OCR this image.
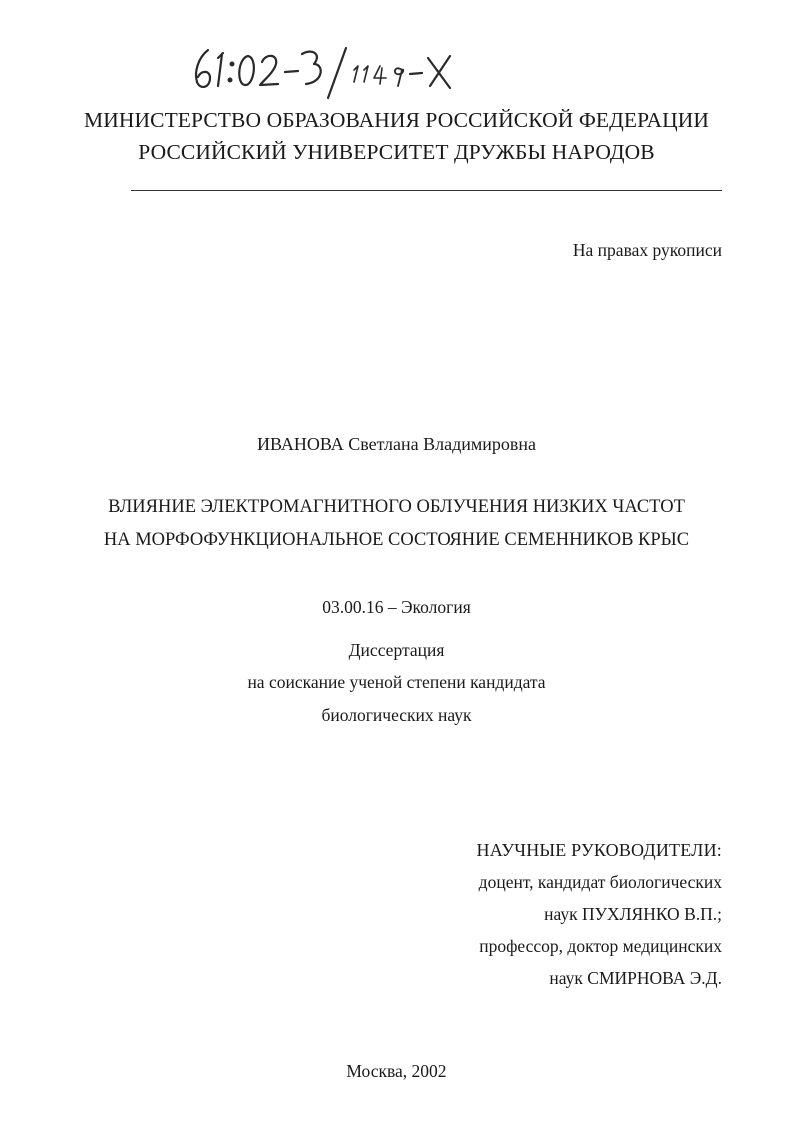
МИНИСТЕРСТВО ОБРАЗОВАНИЯ РОССИЙСКОЙ ФЕДЕРАЦИИ
РОССИЙСКИЙ УНИВЕРСИТЕТ ДРУЖБЫ НАРОДОВ
На правах рукописи
ИВАНОВА Светлана Владимировна
ВЛИЯНИЕ ЭЛЕКТРОМАГНИТНОГО ОБЛУЧЕНИЯ НИЗКИХ ЧАСТОТ
НА МОРФОФУНКЦИОНАЛЬНОЕ СОСТОЯНИЕ СЕМЕННИКОВ КРЫС
03.00.16 – Экология
Диссертация
на соискание ученой степени кандидата
биологических наук
НАУЧНЫЕ РУКОВОДИТЕЛИ:
доцент, кандидат биологических
наук ПУХЛЯНКО В.П.;
профессор, доктор медицинских
наук СМИРНОВА Э.Д.
Москва, 2002
